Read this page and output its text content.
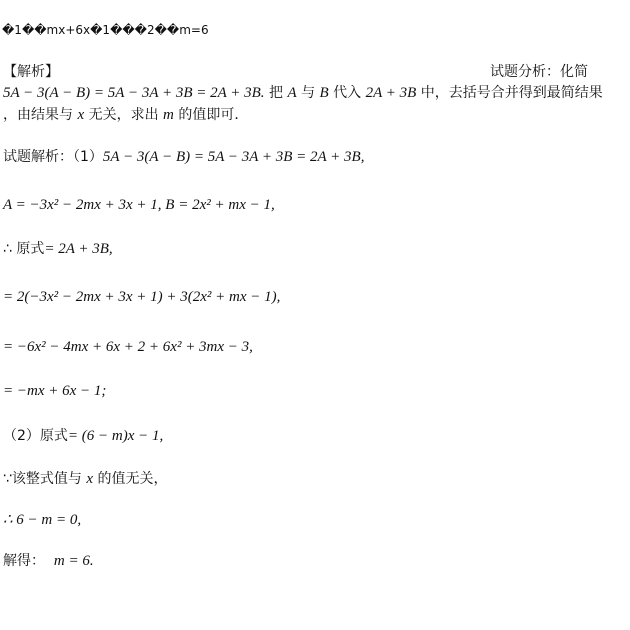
�1��mx+6x�1���2��m=6
【解析】	试题分析：化简
5A − 3(A − B) = 5A − 3A + 3B = 2A + 3B. 把 A 与 B 代入 2A + 3B 中，去括号合并得到最简结果
，由结果与 x 无关，求出 m 的值即可．
试题解析：（1）5A − 3(A − B) = 5A − 3A + 3B = 2A + 3B,
A = −3x² − 2mx + 3x + 1, B = 2x² + mx − 1,
∴ 原式= 2A + 3B,
= 2(−3x² − 2mx + 3x + 1) + 3(2x² + mx − 1),
= −6x² − 4mx + 6x + 2 + 6x² + 3mx − 3,
= −mx + 6x − 1;
（2）原式= (6 − m)x − 1,
∵该整式值与 x 的值无关，
∴ 6 − m = 0,
解得： m = 6.
